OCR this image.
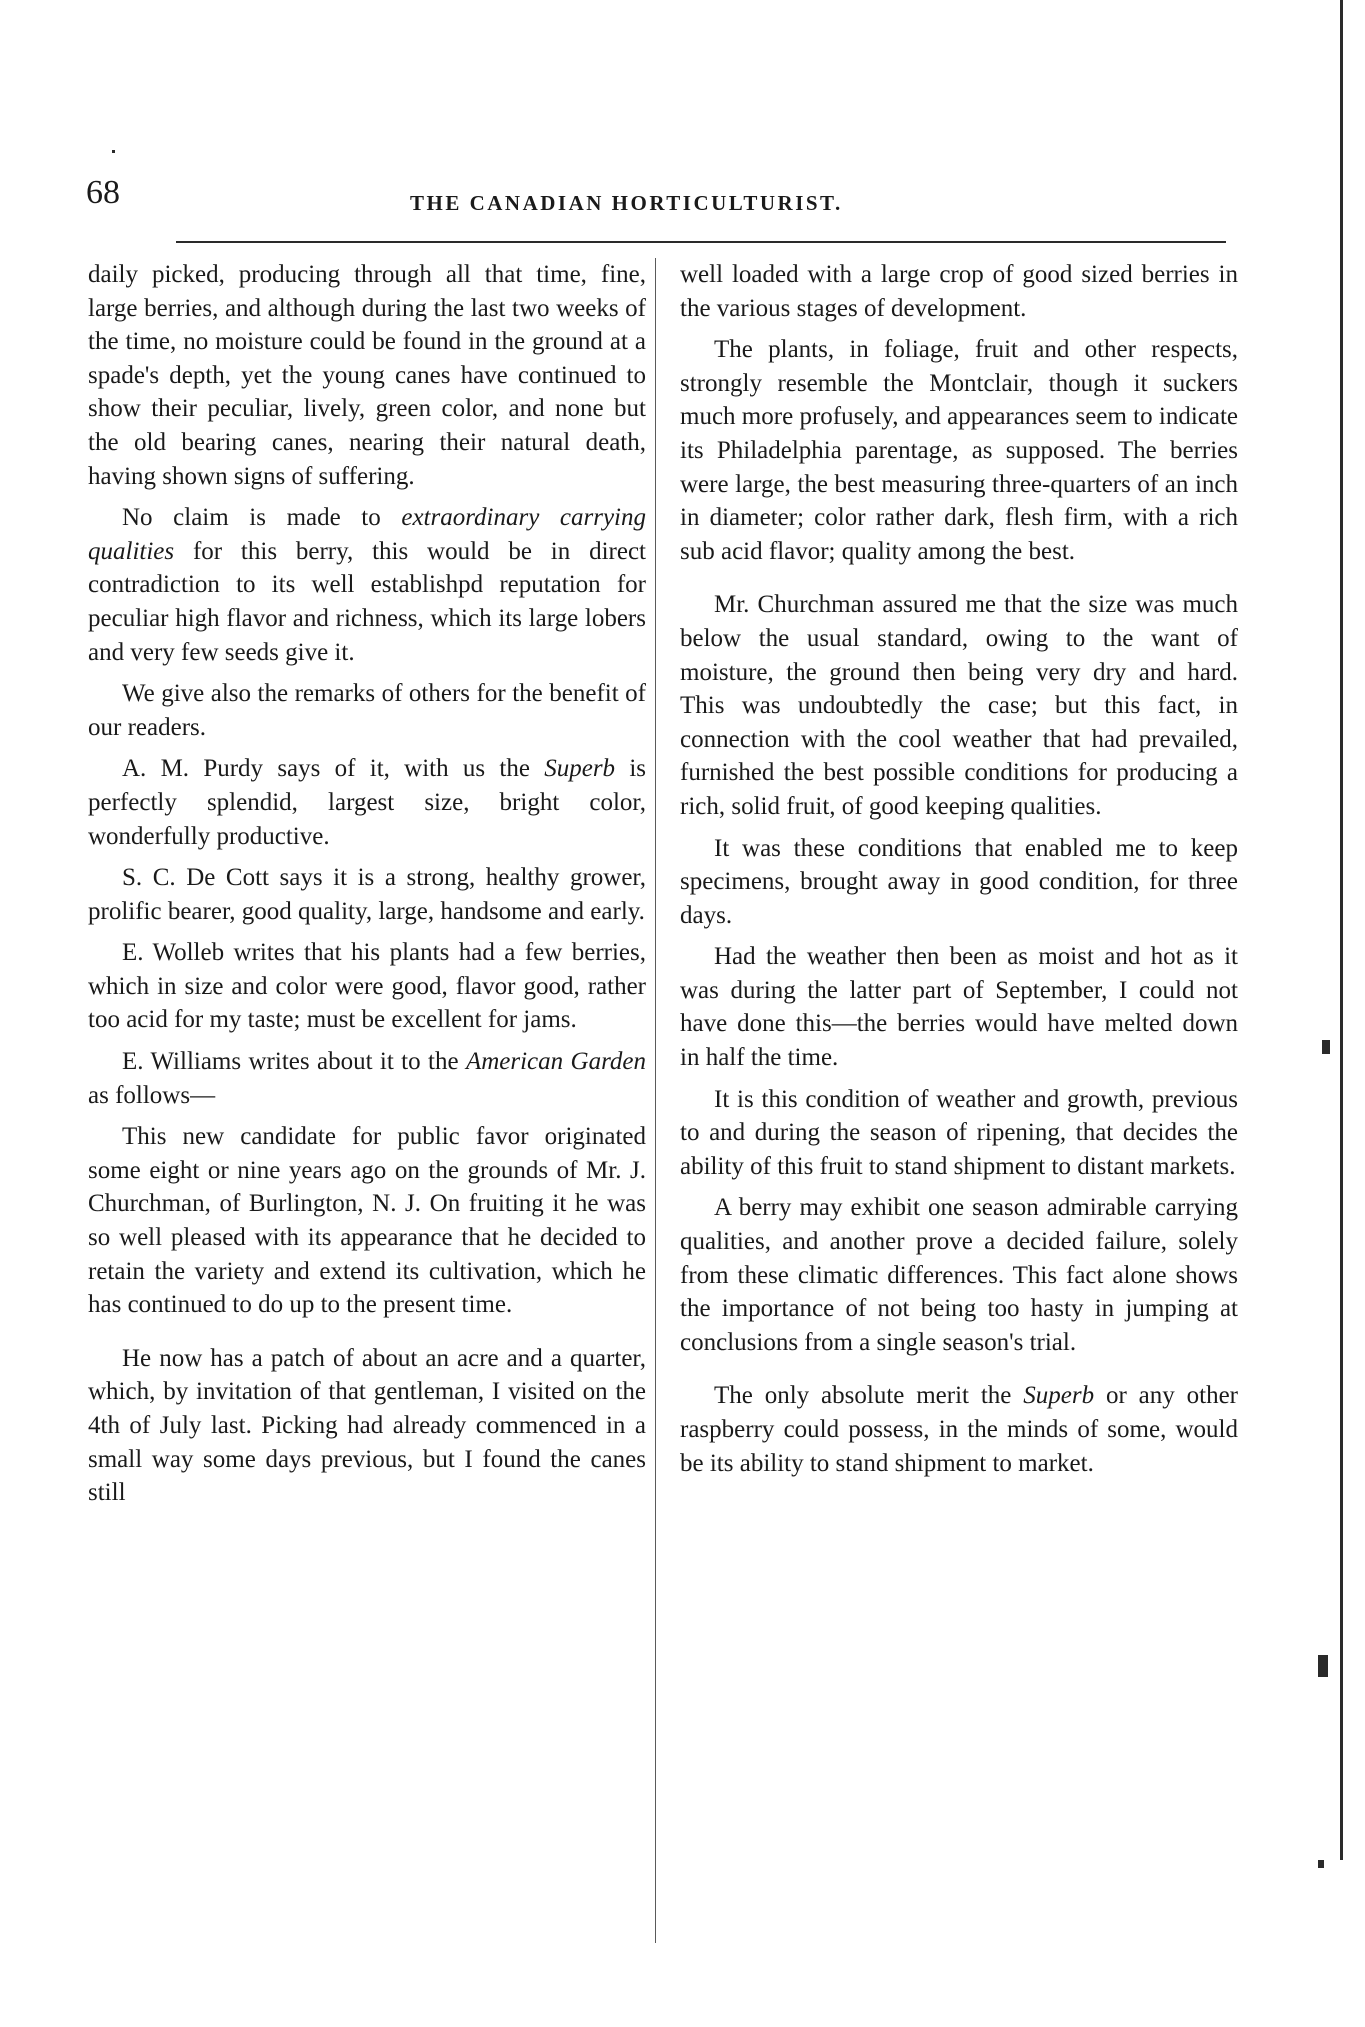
68	THE CANADIAN HORTICULTURIST.

daily picked, producing through all that time, fine, large berries, and although during the last two weeks of the time, no moisture could be found in the ground at a spade's depth, yet the young canes have continued to show their peculiar, lively, green color, and none but the old bearing canes, nearing their natural death, having shown signs of suffering.

No claim is made to extraordinary carrying qualities for this berry, this would be in direct contradiction to its well establishpd reputation for peculiar high flavor and richness, which its large lobers and very few seeds give it.

We give also the remarks of others for the benefit of our readers.

A. M. Purdy says of it, with us the Superb is perfectly splendid, largest size, bright color, wonderfully productive.

S. C. De Cott says it is a strong, healthy grower, prolific bearer, good quality, large, handsome and early.

E. Wolleb writes that his plants had a few berries, which in size and color were good, flavor good, rather too acid for my taste; must be excellent for jams.

E. Williams writes about it to the American Garden as follows—

This new candidate for public favor originated some eight or nine years ago on the grounds of Mr. J. Churchman, of Burlington, N. J. On fruiting it he was so well pleased with its appearance that he decided to retain the variety and extend its cultivation, which he has continued to do up to the present time.

He now has a patch of about an acre and a quarter, which, by invitation of that gentleman, I visited on the 4th of July last. Picking had already commenced in a small way some days previous, but I found the canes still

well loaded with a large crop of good sized berries in the various stages of development.

The plants, in foliage, fruit and other respects, strongly resemble the Montclair, though it suckers much more profusely, and appearances seem to indicate its Philadelphia parentage, as supposed. The berries were large, the best measuring three-quarters of an inch in diameter; color rather dark, flesh firm, with a rich sub acid flavor; quality among the best.

Mr. Churchman assured me that the size was much below the usual standard, owing to the want of moisture, the ground then being very dry and hard. This was undoubtedly the case; but this fact, in connection with the cool weather that had prevailed, furnished the best possible conditions for producing a rich, solid fruit, of good keeping qualities.

It was these conditions that enabled me to keep specimens, brought away in good condition, for three days.

Had the weather then been as moist and hot as it was during the latter part of September, I could not have done this—the berries would have melted down in half the time.

It is this condition of weather and growth, previous to and during the season of ripening, that decides the ability of this fruit to stand shipment to distant markets.

A berry may exhibit one season admirable carrying qualities, and another prove a decided failure, solely from these climatic differences. This fact alone shows the importance of not being too hasty in jumping at conclusions from a single season's trial.

The only absolute merit the Superb or any other raspberry could possess, in the minds of some, would be its ability to stand shipment to market.
